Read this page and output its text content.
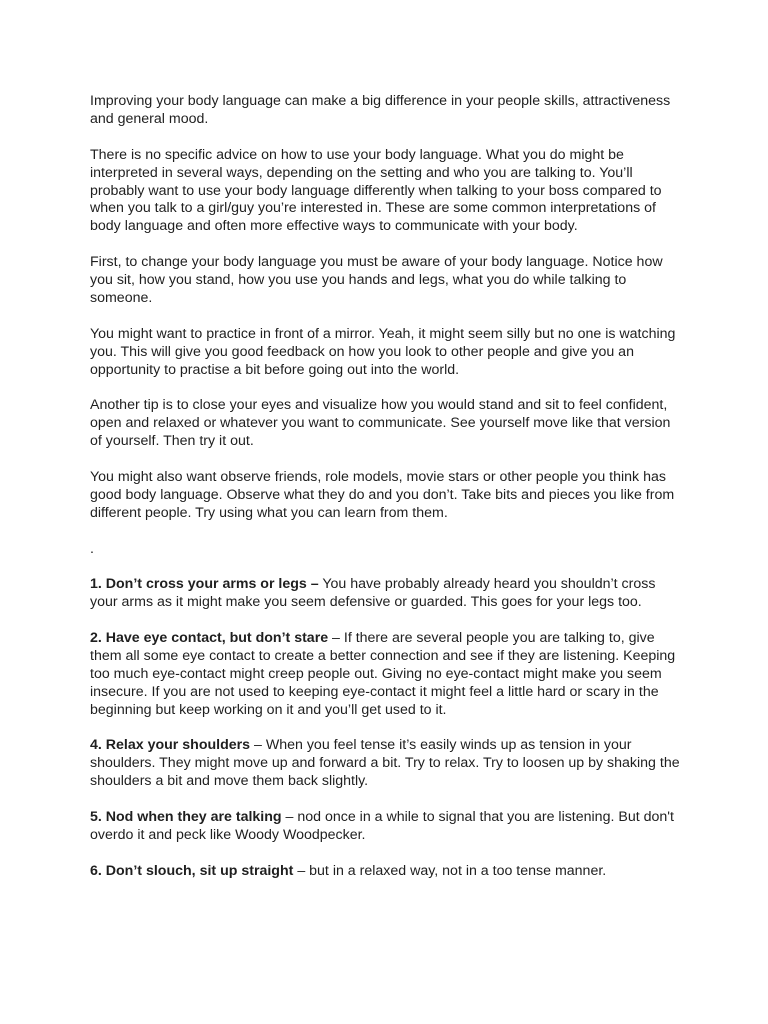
Improving your body language can make a big difference in your people skills, attractiveness and general mood.

There is no specific advice on how to use your body language. What you do might be interpreted in several ways, depending on the setting and who you are talking to. You’ll probably want to use your body language differently when talking to your boss compared to when you talk to a girl/guy you’re interested in. These are some common interpretations of body language and often more effective ways to communicate with your body.

First, to change your body language you must be aware of your body language. Notice how you sit, how you stand, how you use you hands and legs, what you do while talking to someone.

You might want to practice in front of a mirror. Yeah, it might seem silly but no one is watching you. This will give you good feedback on how you look to other people and give you an opportunity to practise a bit before going out into the world.

Another tip is to close your eyes and visualize how you would stand and sit to feel confident, open and relaxed or whatever you want to communicate. See yourself move like that version of yourself. Then try it out.

You might also want observe friends, role models, movie stars or other people you think has good body language. Observe what they do and you don’t. Take bits and pieces you like from different people. Try using what you can learn from them.

.

1. Don’t cross your arms or legs – You have probably already heard you shouldn’t cross your arms as it might make you seem defensive or guarded. This goes for your legs too.

2. Have eye contact, but don’t stare – If there are several people you are talking to, give them all some eye contact to create a better connection and see if they are listening. Keeping too much eye-contact might creep people out. Giving no eye-contact might make you seem insecure. If you are not used to keeping eye-contact it might feel a little hard or scary in the beginning but keep working on it and you’ll get used to it.

4. Relax your shoulders – When you feel tense it’s easily winds up as tension in your shoulders. They might move up and forward a bit. Try to relax. Try to loosen up by shaking the shoulders a bit and move them back slightly.

5. Nod when they are talking – nod once in a while to signal that you are listening. But don't overdo it and peck like Woody Woodpecker.

6. Don’t slouch, sit up straight – but in a relaxed way, not in a too tense manner.
